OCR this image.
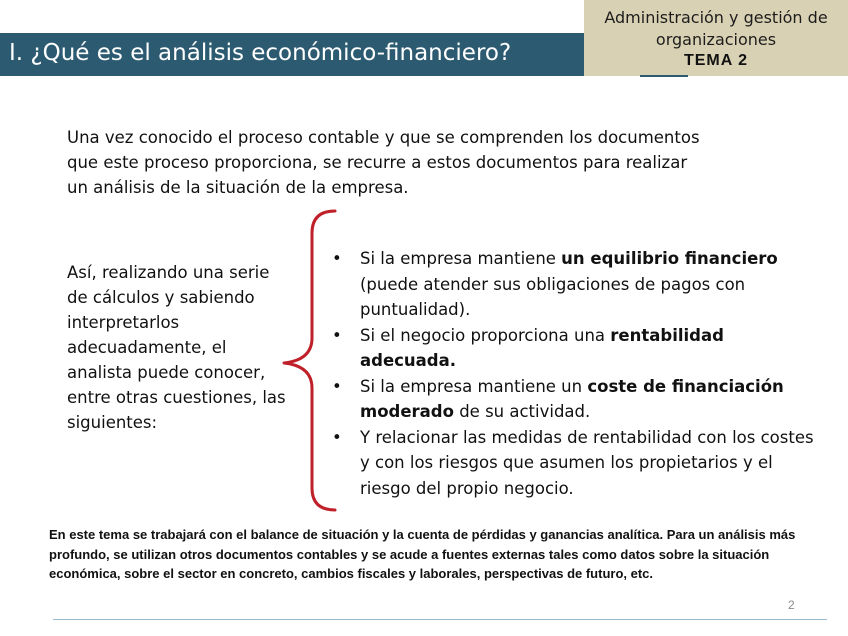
I. ¿Qué es el análisis económico-financiero?
Administración y gestión de
organizaciones
TEMA 2

Una vez conocido el proceso contable y que se comprenden los documentos

que este proceso proporciona, se recurre a estos documentos para realizar

un análisis de la situación de la empresa.

Así, realizando una serie de cálculos y sabiendo interpretarlos adecuadamente, el analista puede conocer, entre otras cuestiones, las siguientes:
• Si la empresa mantiene un equilibrio financiero (puede atender sus obligaciones de pagos con puntualidad).
• Si el negocio proporciona una rentabilidad adecuada.
• Si la empresa mantiene un coste de financiación moderado de su actividad.
• Y relacionar las medidas de rentabilidad con los costes y con los riesgos que asumen los propietarios y el riesgo del propio negocio.
En este tema se trabajará con el balance de situación y la cuenta de pérdidas y ganancias analítica. Para un análisis más profundo, se utilizan otros documentos contables y se acude a fuentes externas tales como datos sobre la situación económica, sobre el sector en concreto, cambios fiscales y laborales, perspectivas de futuro, etc.
2
